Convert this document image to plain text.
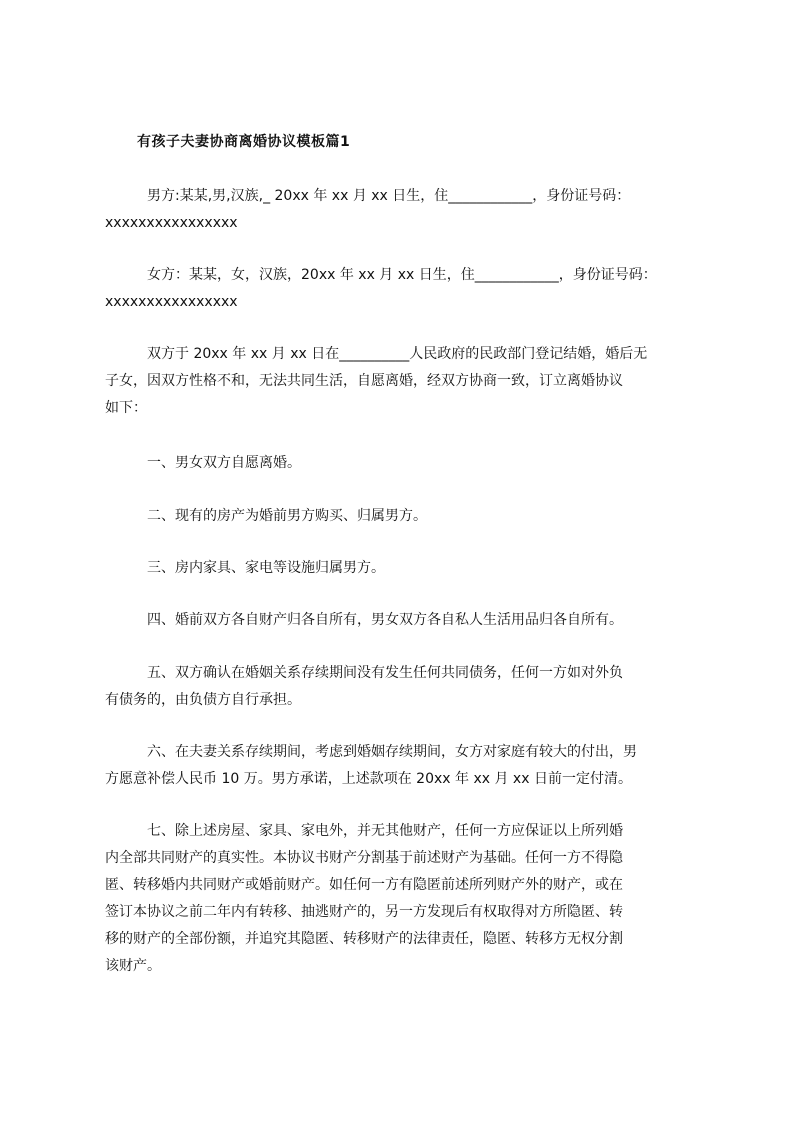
有孩子夫妻协商离婚协议模板篇1
男方:某某,男,汉族,_ 20xx 年 xx 月 xx 日生，住____________，身份证号码：
xxxxxxxxxxxxxxxx
女方：某某，女，汉族，20xx 年 xx 月 xx 日生，住____________，身份证号码：
xxxxxxxxxxxxxxxx
双方于 20xx 年 xx 月 xx 日在__________人民政府的民政部门登记结婚，婚后无
子女，因双方性格不和，无法共同生活，自愿离婚，经双方协商一致，订立离婚协议
如下：
一、男女双方自愿离婚。
二、现有的房产为婚前男方购买、归属男方。
三、房内家具、家电等设施归属男方。
四、婚前双方各自财产归各自所有，男女双方各自私人生活用品归各自所有。
五、双方确认在婚姻关系存续期间没有发生任何共同债务，任何一方如对外负
有债务的，由负债方自行承担。
六、在夫妻关系存续期间，考虑到婚姻存续期间，女方对家庭有较大的付出，男
方愿意补偿人民币 10 万。男方承诺，上述款项在 20xx 年 xx 月 xx 日前一定付清。
七、除上述房屋、家具、家电外，并无其他财产，任何一方应保证以上所列婚
内全部共同财产的真实性。本协议书财产分割基于前述财产为基础。任何一方不得隐
匿、转移婚内共同财产或婚前财产。如任何一方有隐匿前述所列财产外的财产，或在
签订本协议之前二年内有转移、抽逃财产的，另一方发现后有权取得对方所隐匿、转
移的财产的全部份额，并追究其隐匿、转移财产的法律责任，隐匿、转移方无权分割
该财产。
